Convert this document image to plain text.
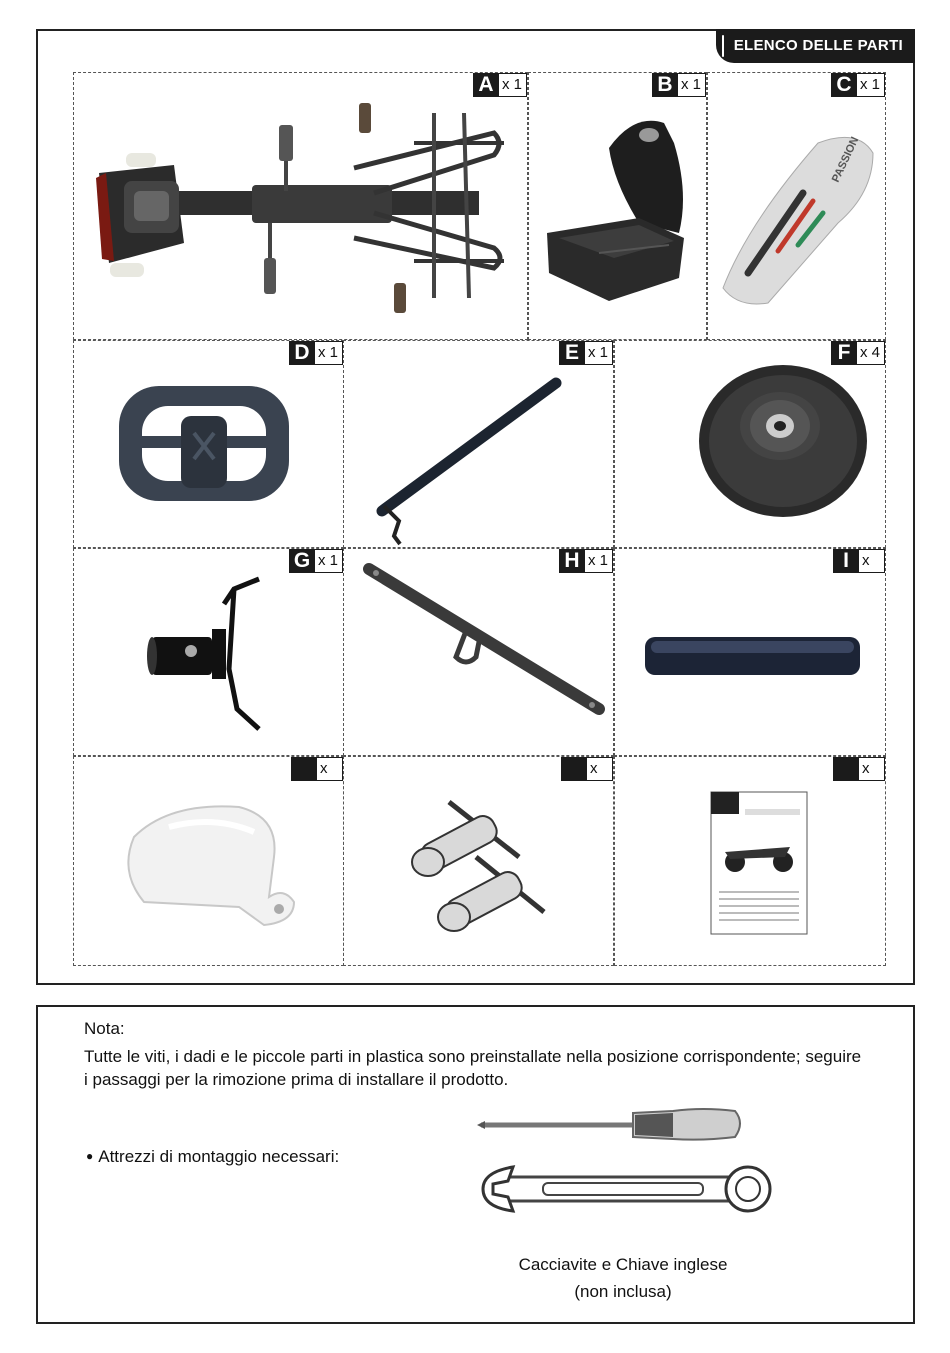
ELENCO DELLE PARTI
A x 1	B x 1	C x 1
PASSION
D x 1	E x 1	F x 4
G x 1	H x 1	I x
x	x	x
Nota:
Tutte le viti, i dadi e le piccole parti in plastica sono preinstallate nella posizione corrispondente; seguire i passaggi per la rimozione prima di installare il prodotto.
● Attrezzi di montaggio necessari:
Cacciavite e Chiave inglese
(non inclusa)
